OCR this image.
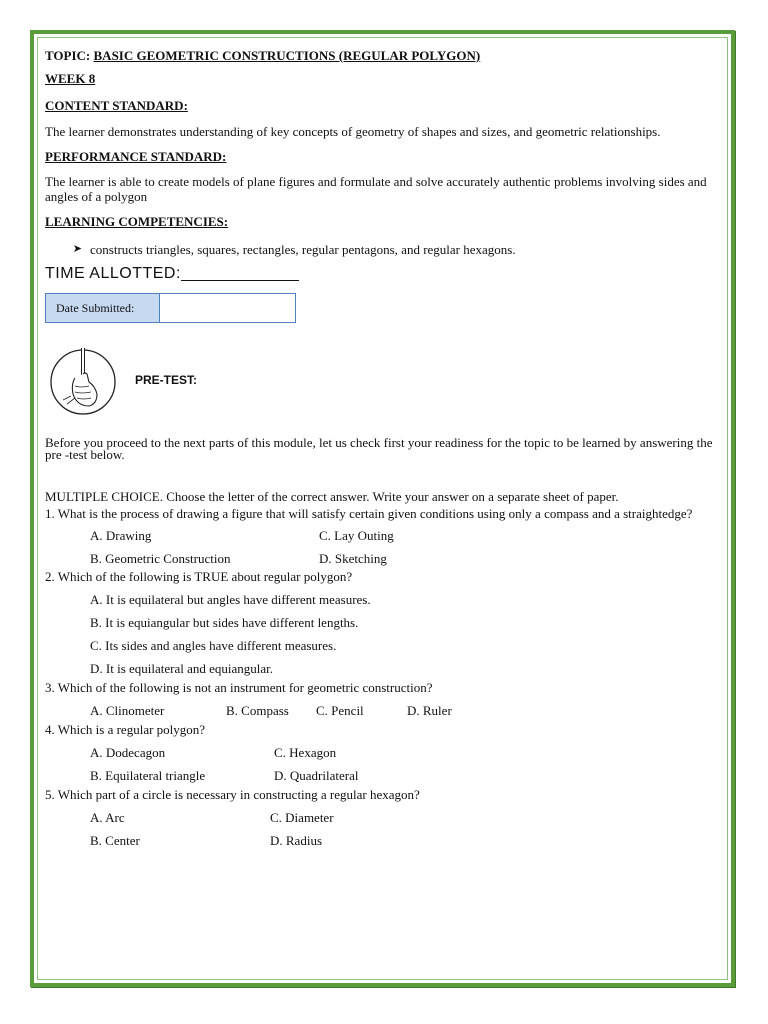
TOPIC: BASIC GEOMETRIC CONSTRUCTIONS (REGULAR POLYGON)

WEEK 8

CONTENT STANDARD:

The learner demonstrates understanding of key concepts of geometry of shapes and sizes, and geometric relationships.

PERFORMANCE STANDARD:

The learner is able to create models of plane figures and formulate and solve accurately authentic problems involving sides and angles of a polygon

LEARNING COMPETENCIES:

➤ constructs triangles, squares, rectangles, regular pentagons, and regular hexagons.

TIME ALLOTTED:

Date Submitted:
PRE-TEST:

Before you proceed to the next parts of this module, let us check first your readiness for the topic to be learned by answering the pre -test below.

MULTIPLE CHOICE. Choose the letter of the correct answer. Write your answer on a separate sheet of paper.

1. What is the process of drawing a figure that will satisfy certain given conditions using only a compass and a straightedge?

A. Drawing	C. Lay Outing
B. Geometric Construction	D. Sketching

2. Which of the following is TRUE about regular polygon?

A. It is equilateral but angles have different measures.
B. It is equiangular but sides have different lengths.
C. Its sides and angles have different measures.
D. It is equilateral and equiangular.

3. Which of the following is not an instrument for geometric construction?

A. Clinometer	B. Compass	C. Pencil	D. Ruler

4. Which is a regular polygon?

A. Dodecagon	C. Hexagon
B. Equilateral triangle	D. Quadrilateral

5. Which part of a circle is necessary in constructing a regular hexagon?

A. Arc	C. Diameter
B. Center	D. Radius
